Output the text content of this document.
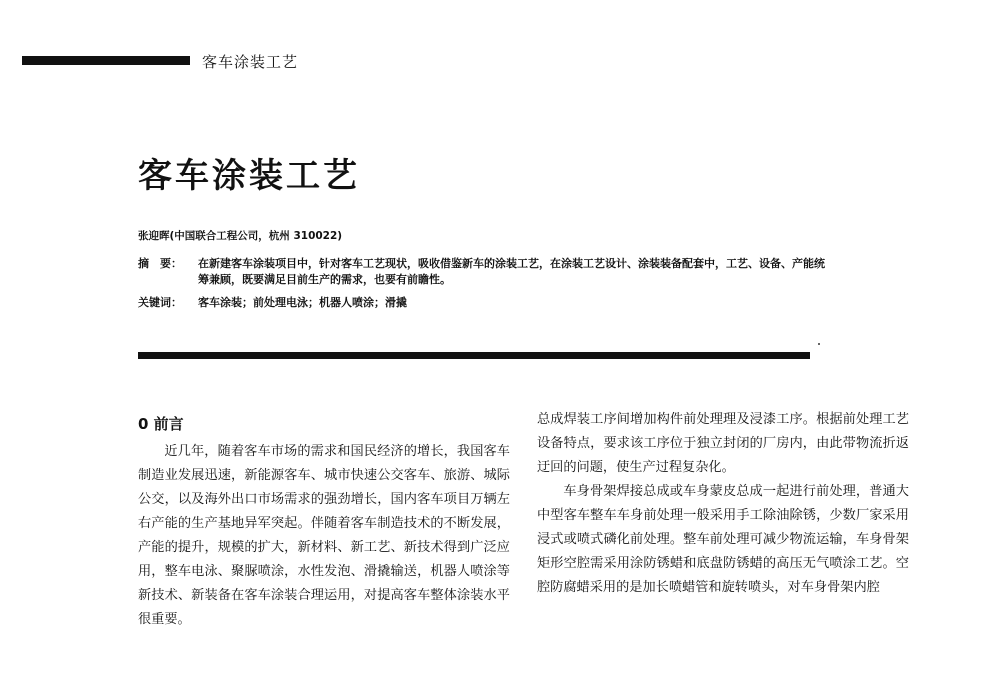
客车涂装工艺
客车涂装工艺
张迎晖(中国联合工程公司，杭州 310022)
摘　要： 在新建客车涂装项目中，针对客车工艺现状，吸收借鉴新车的涂装工艺，在涂装工艺设计、涂装装备配套中，工艺、设备、产能统筹兼顾，既要满足目前生产的需求，也要有前瞻性。
关键词： 客车涂装；前处理电泳；机器人喷涂；滑撬
0 前言

近几年，随着客车市场的需求和国民经济的增长，我国客车制造业发展迅速，新能源客车、城市快速公交客车、旅游、城际公交，以及海外出口市场需求的强劲增长，国内客车项目万辆左右产能的生产基地异军突起。伴随着客车制造技术的不断发展，产能的提升，规模的扩大，新材料、新工艺、新技术得到广泛应用，整车电泳、聚脲喷涂，水性发泡、滑撬输送，机器人喷涂等新技术、新装备在客车涂装合理运用，对提高客车整体涂装水平很重要。

总成焊装工序间增加构件前处理理及浸漆工序。根据前处理工艺设备特点，要求该工序位于独立封闭的厂房内，由此带物流折返迂回的问题，使生产过程复杂化。

车身骨架焊接总成或车身蒙皮总成一起进行前处理，普通大中型客车整车车身前处理一般采用手工除油除锈，少数厂家采用浸式或喷式磷化前处理。整车前处理可减少物流运输，车身骨架矩形空腔需采用涂防锈蜡和底盘防锈蜡的高压无气喷涂工艺。空腔防腐蜡采用的是加长喷蜡管和旋转喷头，对车身骨架内腔
